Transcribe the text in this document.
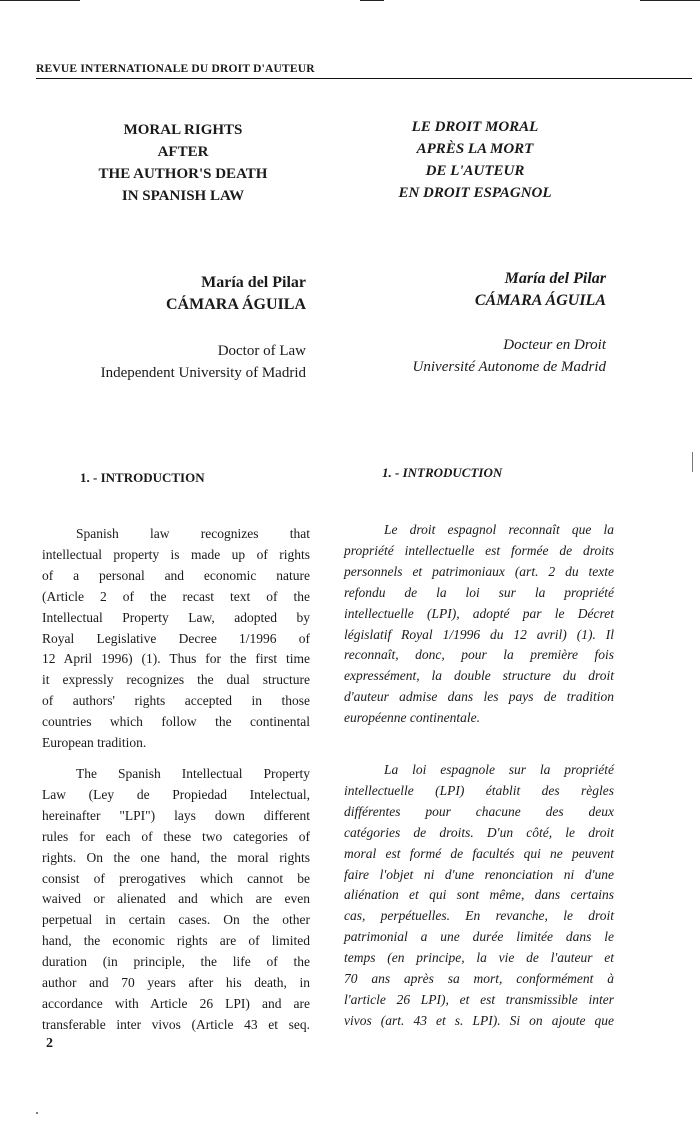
REVUE INTERNATIONALE DU DROIT D'AUTEUR
MORAL RIGHTS
AFTER
THE AUTHOR'S DEATH
IN SPANISH LAW
LE DROIT MORAL
APRÈS LA MORT
DE L'AUTEUR
EN DROIT ESPAGNOL
María del Pilar
CÁMARA ÁGUILA
María del Pilar
CÁMARA ÁGUILA
Doctor of Law
Independent University of Madrid
Docteur en Droit
Université Autonome de Madrid
1. - INTRODUCTION	1. - INTRODUCTION
Spanish law recognizes that
intellectual property is made up of rights
of a personal and economic nature
(Article 2 of the recast text of the
Intellectual Property Law, adopted by
Royal Legislative Decree 1/1996 of
12 April 1996) (1). Thus for the first time
it expressly recognizes the dual structure
of authors' rights accepted in those
countries which follow the continental
European tradition.
The Spanish Intellectual Property
Law (Ley de Propiedad Intelectual,
hereinafter "LPI") lays down different
rules for each of these two categories of
rights. On the one hand, the moral rights
consist of prerogatives which cannot be
waived or alienated and which are even
perpetual in certain cases. On the other
hand, the economic rights are of limited
duration (in principle, the life of the
author and 70 years after his death, in
accordance with Article 26 LPI) and are
transferable inter vivos (Article 43 et seq.
Le droit espagnol reconnaît que la
propriété intellectuelle est formée de droits
personnels et patrimoniaux (art. 2 du texte
refondu de la loi sur la propriété
intellectuelle (LPI), adopté par le Décret
législatif Royal 1/1996 du 12 avril) (1). Il
reconnaît, donc, pour la première fois
expressément, la double structure du droit
d'auteur admise dans les pays de tradition
européenne continentale.
La loi espagnole sur la propriété
intellectuelle (LPI) établit des règles
différentes pour chacune des deux
catégories de droits. D'un côté, le droit
moral est formé de facultés qui ne peuvent
faire l'objet ni d'une renonciation ni d'une
aliénation et qui sont même, dans certains
cas, perpétuelles. En revanche, le droit
patrimonial a une durée limitée dans le
temps (en principe, la vie de l'auteur et
70 ans après sa mort, conformément à
l'article 26 LPI), et est transmissible inter
vivos (art. 43 et s. LPI). Si on ajoute que
2
